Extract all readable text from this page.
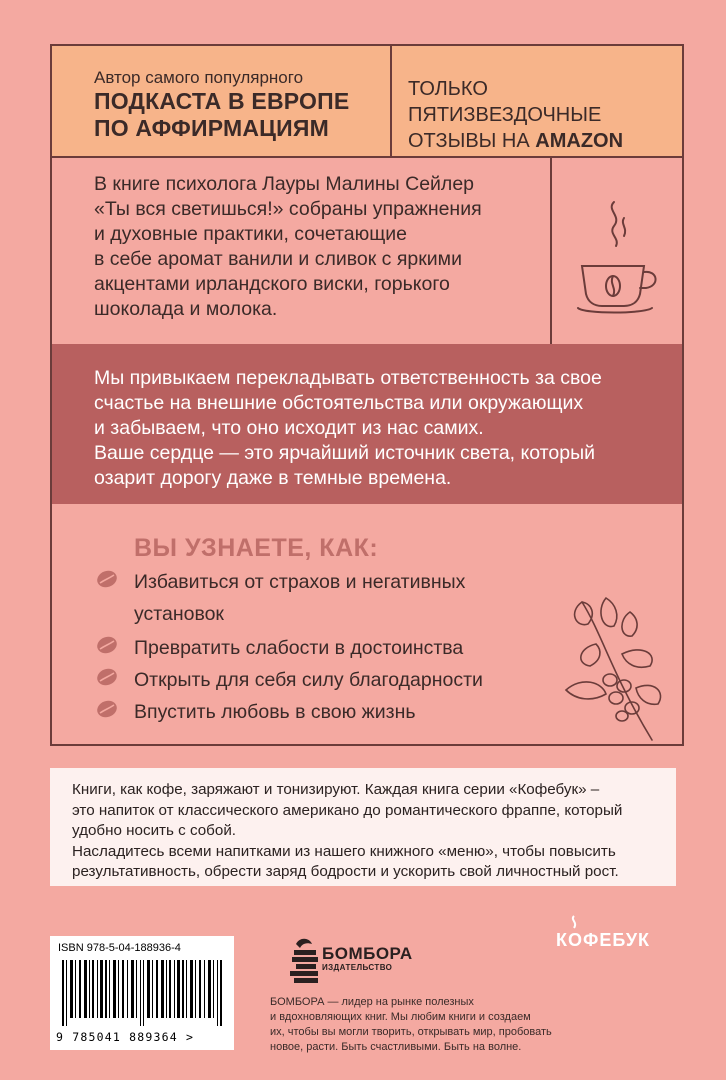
Автор самого популярного
ПОДКАСТА В ЕВРОПЕ
ПО АФФИРМАЦИЯМ
ТОЛЬКО ПЯТИЗВЕЗДОЧНЫЕ
ОТЗЫВЫ НА AMAZON
В книге психолога Лауры Малины Сейлер
«Ты вся светишься!» собраны упражнения
и духовные практики, сочетающие
в себе аромат ванили и сливок с яркими
акцентами ирландского виски, горького
шоколада и молока.
Мы привыкаем перекладывать ответственность за свое
счастье на внешние обстоятельства или окружающих
и забываем, что оно исходит из нас самих.
Ваше сердце — это ярчайший источник света, который
озарит дорогу даже в темные времена.
ВЫ УЗНАЕТЕ, КАК:
Избавиться от страхов и негативных установок
Превратить слабости в достоинства
Открыть для себя силу благодарности
Впустить любовь в свою жизнь
Книги, как кофе, заряжают и тонизируют. Каждая книга серии «Кофебук» –
это напиток от классического американо до романтического фраппе, который
удобно носить с собой.
Насладитесь всеми напитками из нашего книжного «меню», чтобы повысить
результативность, обрести заряд бодрости и ускорить свой личностный рост.
ISBN 978-5-04-188936-4
9 785041 889364 >
БОМБОРА
ИЗДАТЕЛЬСТВО
БОМБОРА — лидер на рынке полезных
и вдохновляющих книг. Мы любим книги и создаем
их, чтобы вы могли творить, открывать мир, пробовать
новое, расти. Быть счастливыми. Быть на волне.
КОФЕБУК
